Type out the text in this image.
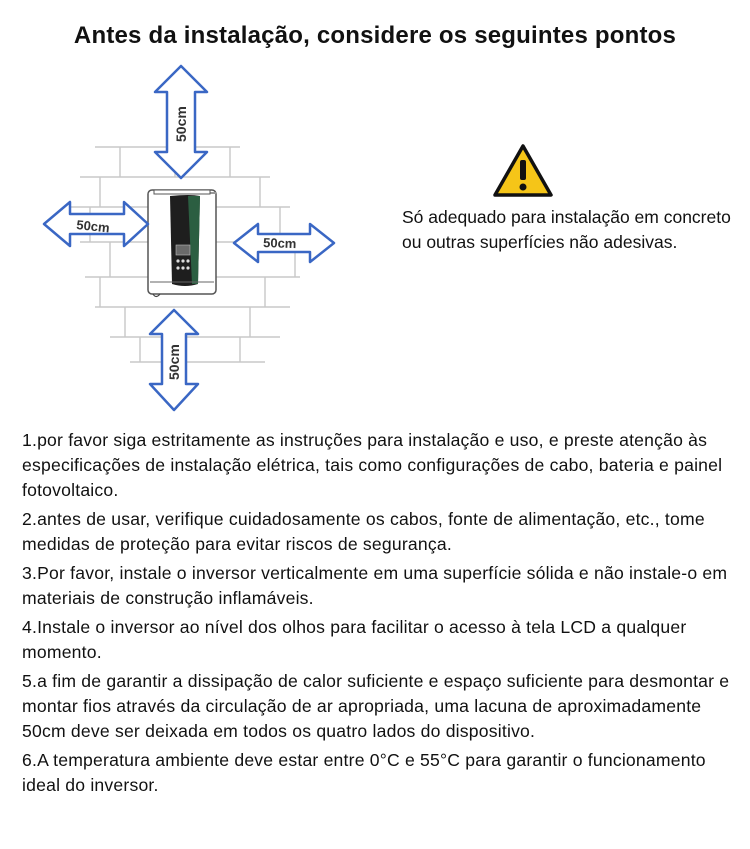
Antes da instalação, considere os seguintes pontos
50cm
50cm
50cm
50cm
Só adequado para instalação em concreto ou outras superfícies não adesivas.
1.por favor siga estritamente as instruções para instalação e uso, e preste atenção às especificações de instalação elétrica, tais como configurações de cabo, bateria e painel fotovoltaico.
2.antes de usar, verifique cuidadosamente os cabos, fonte de alimentação, etc., tome medidas de proteção para evitar riscos de segurança.
3.Por favor, instale o inversor verticalmente em uma superfície sólida e não instale-o em materiais de construção inflamáveis.
4.Instale o inversor ao nível dos olhos para facilitar o acesso à tela LCD a qualquer momento.
5.a fim de garantir a dissipação de calor suficiente e espaço suficiente para desmontar e montar fios através da circulação de ar apropriada, uma lacuna de aproximadamente 50cm deve ser deixada em todos os quatro lados do dispositivo.
6.A temperatura ambiente deve estar entre 0°C e 55°C para garantir o funcionamento ideal do inversor.
